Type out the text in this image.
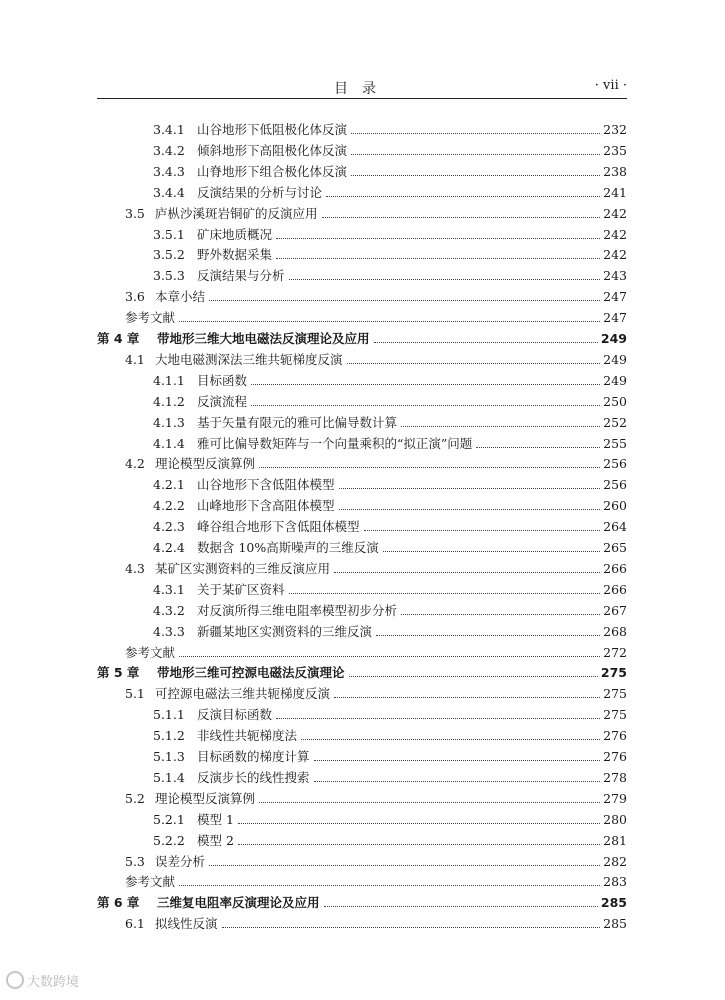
目录	· vii ·
3.4.1 山谷地形下低阻极化体反演	232
3.4.2 倾斜地形下高阻极化体反演	235
3.4.3 山脊地形下组合极化体反演	238
3.4.4 反演结果的分析与讨论	241
3.5 庐枞沙溪斑岩铜矿的反演应用	242
3.5.1 矿床地质概况	242
3.5.2 野外数据采集	242
3.5.3 反演结果与分析	243
3.6 本章小结	247
参考文献	247
第 4 章	带地形三维大地电磁法反演理论及应用	249
4.1 大地电磁测深法三维共轭梯度反演	249
4.1.1 目标函数	249
4.1.2 反演流程	250
4.1.3 基于矢量有限元的雅可比偏导数计算	252
4.1.4 雅可比偏导数矩阵与一个向量乘积的“拟正演”问题	255
4.2 理论模型反演算例	256
4.2.1 山谷地形下含低阻体模型	256
4.2.2 山峰地形下含高阻体模型	260
4.2.3 峰谷组合地形下含低阻体模型	264
4.2.4 数据含 10%高斯噪声的三维反演	265
4.3 某矿区实测资料的三维反演应用	266
4.3.1 关于某矿区资料	266
4.3.2 对反演所得三维电阻率模型初步分析	267
4.3.3 新疆某地区实测资料的三维反演	268
参考文献	272
第 5 章	带地形三维可控源电磁法反演理论	275
5.1 可控源电磁法三维共轭梯度反演	275
5.1.1 反演目标函数	275
5.1.2 非线性共轭梯度法	276
5.1.3 目标函数的梯度计算	276
5.1.4 反演步长的线性搜索	278
5.2 理论模型反演算例	279
5.2.1 模型 1	280
5.2.2 模型 2	281
5.3 误差分析	282
参考文献	283
第 6 章	三维复电阻率反演理论及应用	285
6.1 拟线性反演	285
大数跨境
